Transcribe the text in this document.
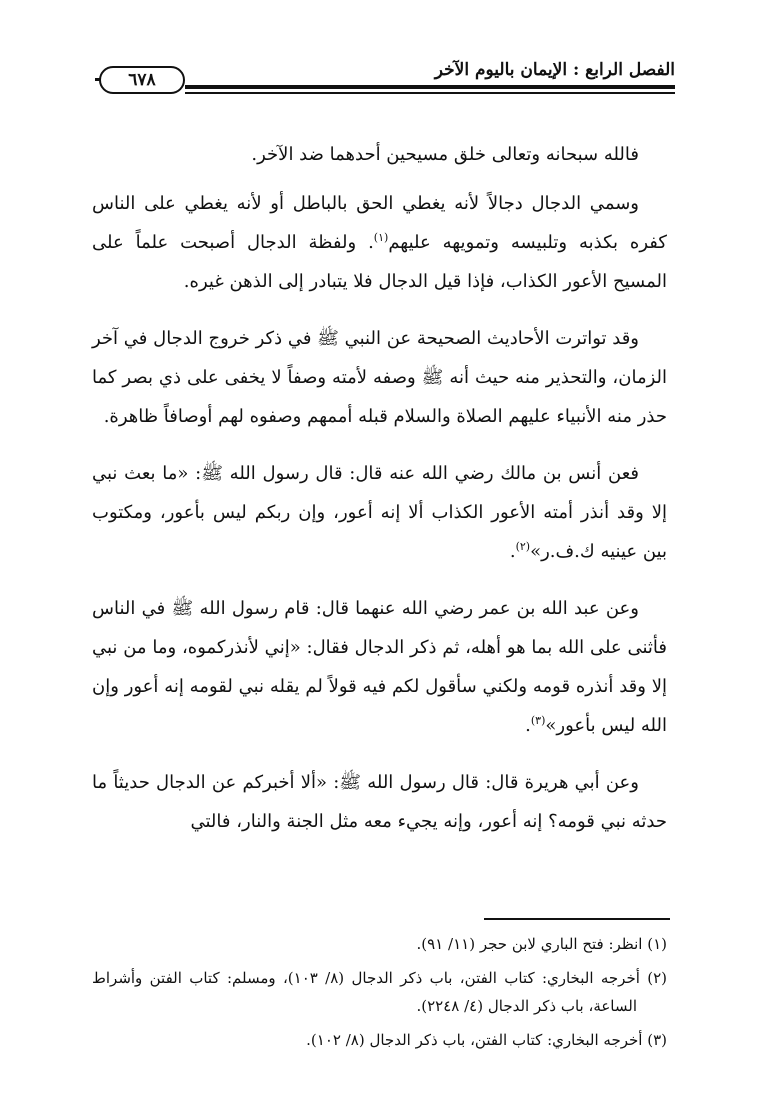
الفصل الرابع : الإيمان باليوم الآخر
٦٧٨

فالله سبحانه وتعالى خلق مسيحين أحدهما ضد الآخر.

وسمي الدجال دجالاً لأنه يغطي الحق بالباطل أو لأنه يغطي على الناس كفره بكذبه وتلبيسه وتمويهه عليهم$^{(١)}$. ولفظة الدجال أصبحت علماً على المسيح الأعور الكذاب، فإذا قيل الدجال فلا يتبادر إلى الذهن غيره.

وقد تواترت الأحاديث الصحيحة عن النبي ﷺ في ذكر خروج الدجال في آخر الزمان، والتحذير منه حيث أنه ﷺ وصفه لأمته وصفاً لا يخفى على ذي بصر كما حذر منه الأنبياء عليهم الصلاة والسلام قبله أممهم وصفوه لهم أوصافاً ظاهرة.

فعن أنس بن مالك رضي الله عنه قال: قال رسول الله ﷺ: «ما بعث نبي إلا وقد أنذر أمته الأعور الكذاب ألا إنه أعور، وإن ربكم ليس بأعور، ومكتوب بين عينيه ك.ف.ر»$^{(٢)}$.

وعن عبد الله بن عمر رضي الله عنهما قال: قام رسول الله ﷺ في الناس فأثنى على الله بما هو أهله، ثم ذكر الدجال فقال: «إني لأنذركموه، وما من نبي إلا وقد أنذره قومه ولكني سأقول لكم فيه قولاً لم يقله نبي لقومه إنه أعور وإن الله ليس بأعور»$^{(٣)}$.

وعن أبي هريرة قال: قال رسول الله ﷺ: «ألا أخبركم عن الدجال حديثاً ما حدثه نبي قومه؟ إنه أعور، وإنه يجيء معه مثل الجنة والنار، فالتي

(١) انظر: فتح الباري لابن حجر (١١/ ٩١).

(٢) أخرجه البخاري: كتاب الفتن، باب ذكر الدجال (٨/ ١٠٣)، ومسلم: كتاب الفتن وأشراط الساعة، باب ذكر الدجال (٤/ ٢٢٤٨).

(٣) أخرجه البخاري: كتاب الفتن، باب ذكر الدجال (٨/ ١٠٢).
